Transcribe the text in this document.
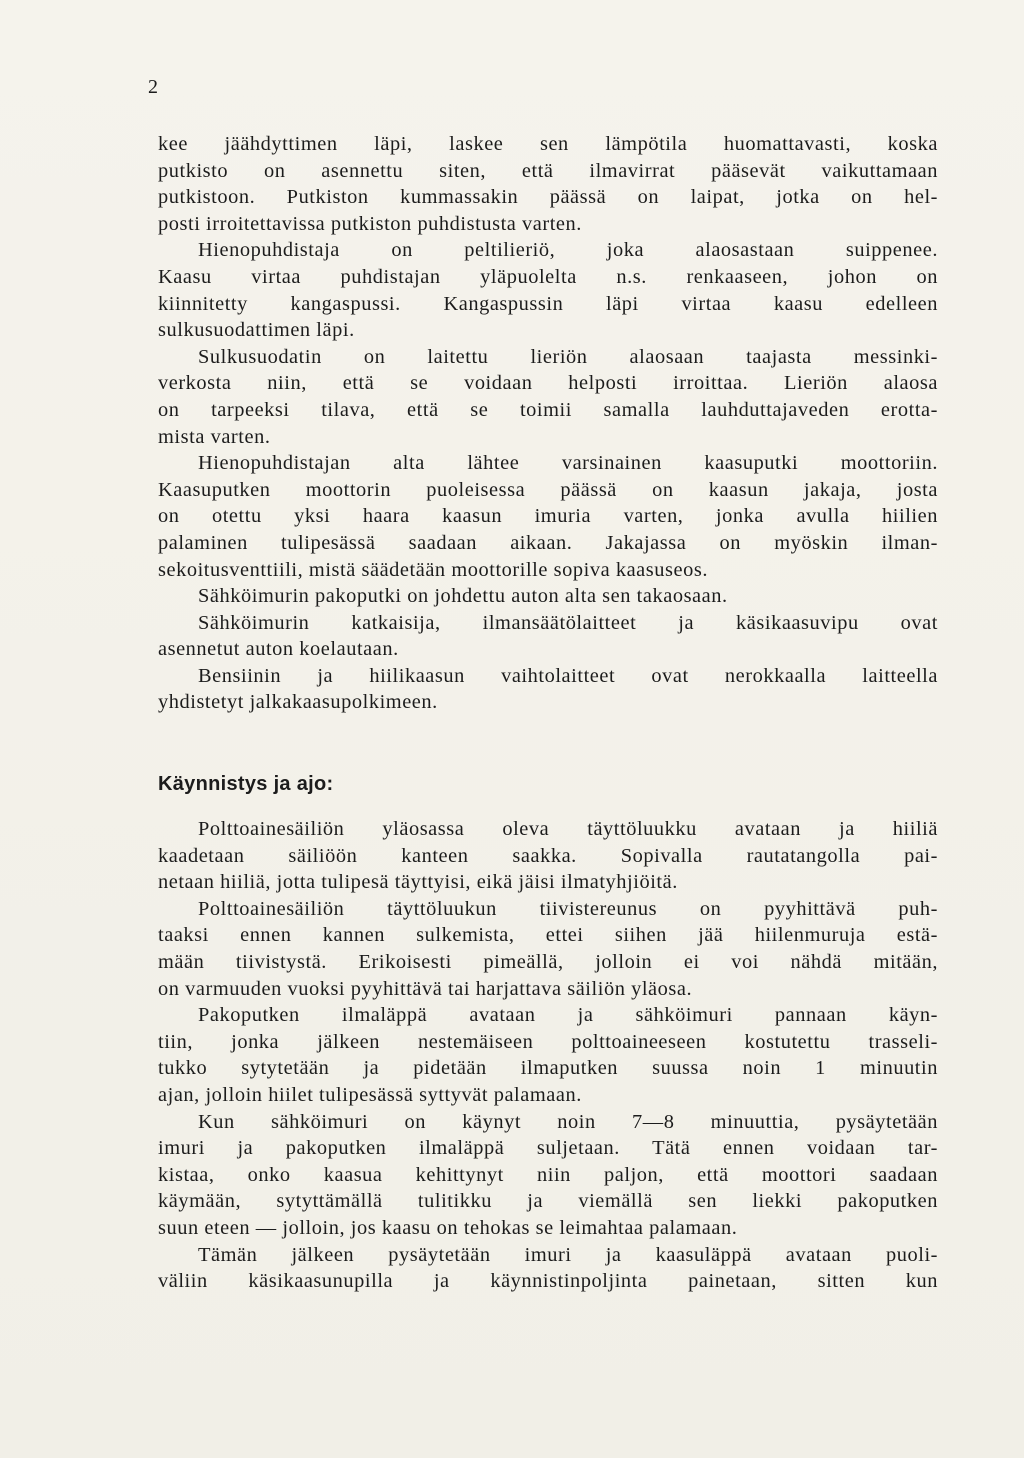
2
kee jäähdyttimen läpi, laskee sen lämpötila huomattavasti, koska
putkisto on asennettu siten, että ilmavirrat pääsevät vaikuttamaan
putkistoon. Putkiston kummassakin päässä on laipat, jotka on hel-
posti irroitettavissa putkiston puhdistusta varten.
Hienopuhdistaja on peltilieriö, joka alaosastaan suippenee.
Kaasu virtaa puhdistajan yläpuolelta n.s. renkaaseen, johon on
kiinnitetty kangaspussi. Kangaspussin läpi virtaa kaasu edelleen
sulkusuodattimen läpi.
Sulkusuodatin on laitettu lieriön alaosaan taajasta messinki-
verkosta niin, että se voidaan helposti irroittaa. Lieriön alaosa
on tarpeeksi tilava, että se toimii samalla lauhduttajaveden erotta-
mista varten.
Hienopuhdistajan alta lähtee varsinainen kaasuputki moottoriin.
Kaasuputken moottorin puoleisessa päässä on kaasun jakaja, josta
on otettu yksi haara kaasun imuria varten, jonka avulla hiilien
palaminen tulipesässä saadaan aikaan. Jakajassa on myöskin ilman-
sekoitusventtiili, mistä säädetään moottorille sopiva kaasuseos.
Sähköimurin pakoputki on johdettu auton alta sen takaosaan.
Sähköimurin katkaisija, ilmansäätölaitteet ja käsikaasuvipu ovat
asennetut auton koelautaan.
Bensiinin ja hiilikaasun vaihtolaitteet ovat nerokkaalla laitteella
yhdistetyt jalkakaasupolkimeen.
Käynnistys ja ajo:
Polttoainesäiliön yläosassa oleva täyttöluukku avataan ja hiiliä
kaadetaan säiliöön kanteen saakka. Sopivalla rautatangolla pai-
netaan hiiliä, jotta tulipesä täyttyisi, eikä jäisi ilmatyhjiöitä.
Polttoainesäiliön täyttöluukun tiivistereunus on pyyhittävä puh-
taaksi ennen kannen sulkemista, ettei siihen jää hiilenmuruja estä-
mään tiivistystä. Erikoisesti pimeällä, jolloin ei voi nähdä mitään,
on varmuuden vuoksi pyyhittävä tai harjattava säiliön yläosa.
Pakoputken ilmaläppä avataan ja sähköimuri pannaan käyn-
tiin, jonka jälkeen nestemäiseen polttoaineeseen kostutettu trasseli-
tukko sytytetään ja pidetään ilmaputken suussa noin 1 minuutin
ajan, jolloin hiilet tulipesässä syttyvät palamaan.
Kun sähköimuri on käynyt noin 7—8 minuuttia, pysäytetään
imuri ja pakoputken ilmaläppä suljetaan. Tätä ennen voidaan tar-
kistaa, onko kaasua kehittynyt niin paljon, että moottori saadaan
käymään, sytyttämällä tulitikku ja viemällä sen liekki pakoputken
suun eteen — jolloin, jos kaasu on tehokas se leimahtaa palamaan.
Tämän jälkeen pysäytetään imuri ja kaasuläppä avataan puoli-
väliin käsikaasunupilla ja käynnistinpoljinta painetaan, sitten kun
